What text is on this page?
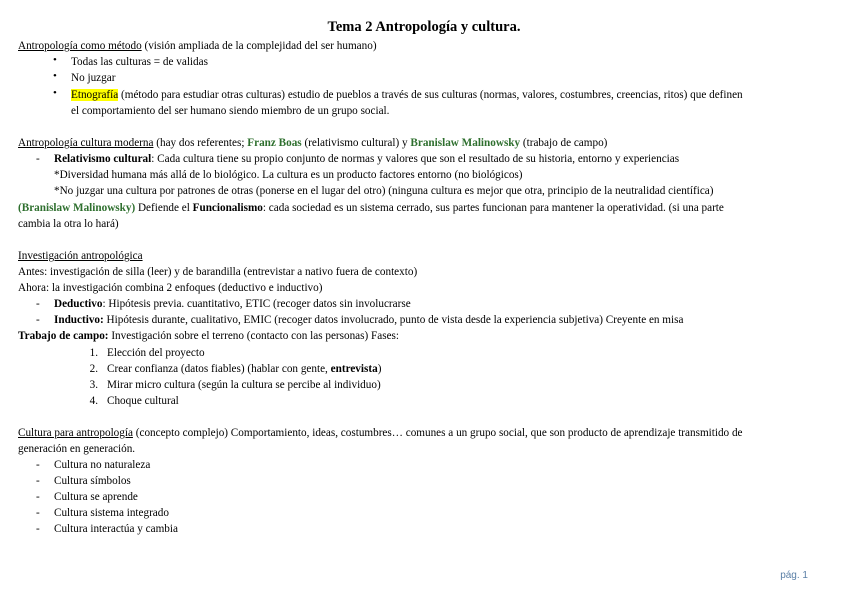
Tema 2 Antropología y cultura.
Antropología como método (visión ampliada de la complejidad del ser humano)
• Todas las culturas = de validas
• No juzgar
• Etnografía (método para estudiar otras culturas) estudio de pueblos a través de sus culturas (normas, valores, costumbres, creencias, ritos) que definen
el comportamiento del ser humano siendo miembro de un grupo social.
Antropología cultura moderna (hay dos referentes; Franz Boas (relativismo cultural) y Branislaw Malinowsky (trabajo de campo)
- Relativismo cultural: Cada cultura tiene su propio conjunto de normas y valores que son el resultado de su historia, entorno y experiencias
*Diversidad humana más allá de lo biológico. La cultura es un producto factores entorno (no biológicos)
*No juzgar una cultura por patrones de otras (ponerse en el lugar del otro) (ninguna cultura es mejor que otra, principio de la neutralidad científica)
(Branislaw Malinowsky) Defiende el Funcionalismo: cada sociedad es un sistema cerrado, sus partes funcionan para mantener la operatividad. (si una parte
cambia la otra lo hará)
Investigación antropológica
Antes: investigación de silla (leer) y de barandilla (entrevistar a nativo fuera de contexto)
Ahora: la investigación combina 2 enfoques (deductivo e inductivo)
- Deductivo: Hipótesis previa. cuantitativo, ETIC (recoger datos sin involucrarse
- Inductivo: Hipótesis durante, cualitativo, EMIC (recoger datos involucrado, punto de vista desde la experiencia subjetiva) Creyente en misa
Trabajo de campo: Investigación sobre el terreno (contacto con las personas) Fases:
1. Elección del proyecto
2. Crear confianza (datos fiables) (hablar con gente, entrevista)
3. Mirar micro cultura (según la cultura se percibe al individuo)
4. Choque cultural
Cultura para antropología (concepto complejo) Comportamiento, ideas, costumbres… comunes a un grupo social, que son producto de aprendizaje transmitido de
generación en generación.
- Cultura no naturaleza
- Cultura símbolos
- Cultura se aprende
- Cultura sistema integrado
- Cultura interactúa y cambia
pág. 1
